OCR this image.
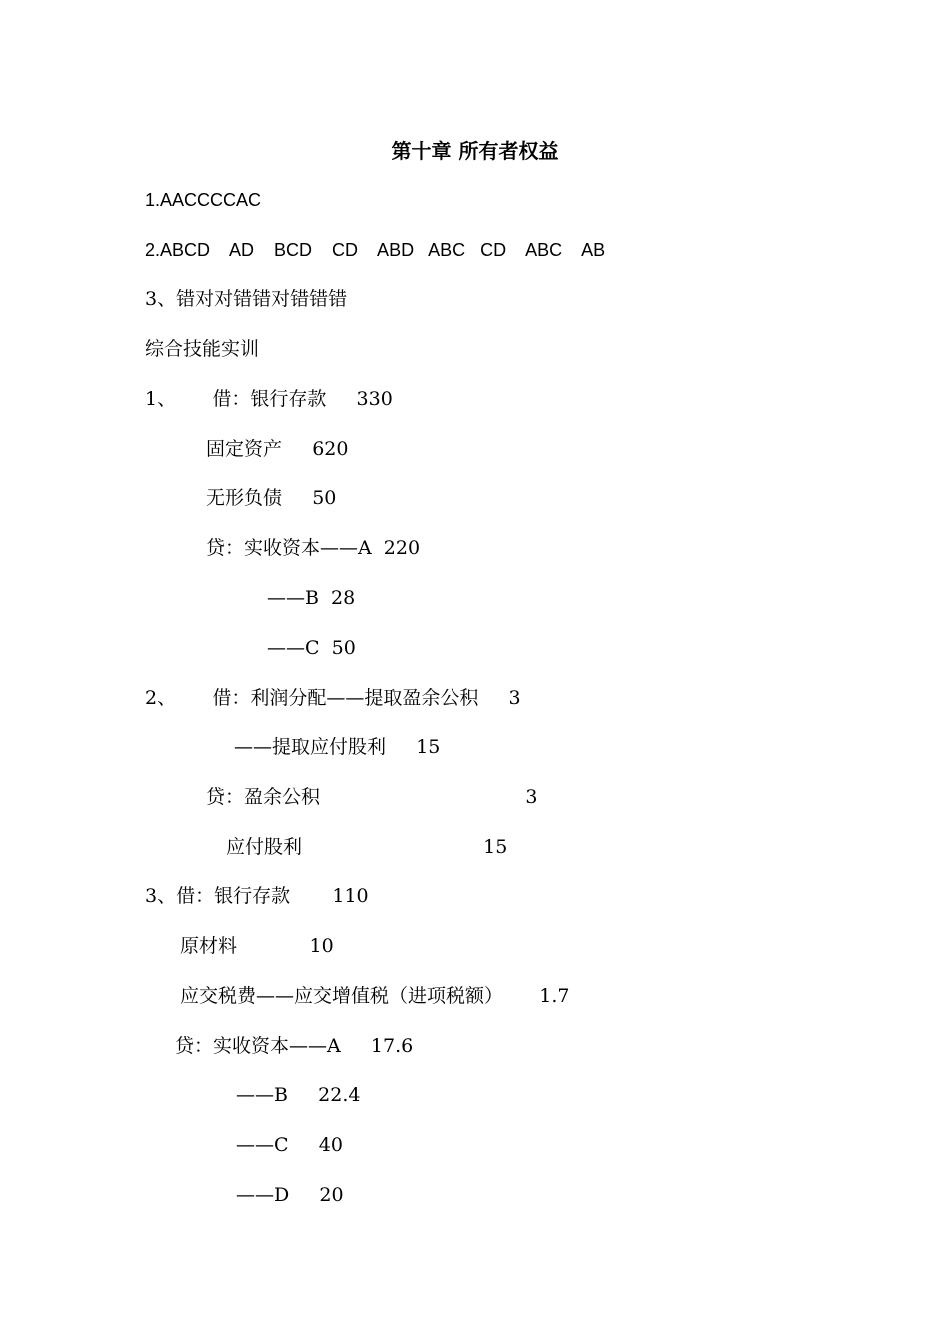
第十章 所有者权益

1.AACCCCAC

2.ABCD    AD    BCD    CD    ABD   ABC   CD    ABC    AB

3、错对对错错对错错错

综合技能实训

1、      借：银行存款     330

固定资产     620

无形负债     50

贷：实收资本——A  220

——B  28

——C  50

2、      借：利润分配——提取盈余公积     3

——提取应付股利     15

贷：盈余公积                                  3

应付股利                              15

3、借：银行存款       110

原材料            10

应交税费——应交增值税（进项税额）      1.7

贷：实收资本——A     17.6

——B     22.4

——C     40

——D     20
